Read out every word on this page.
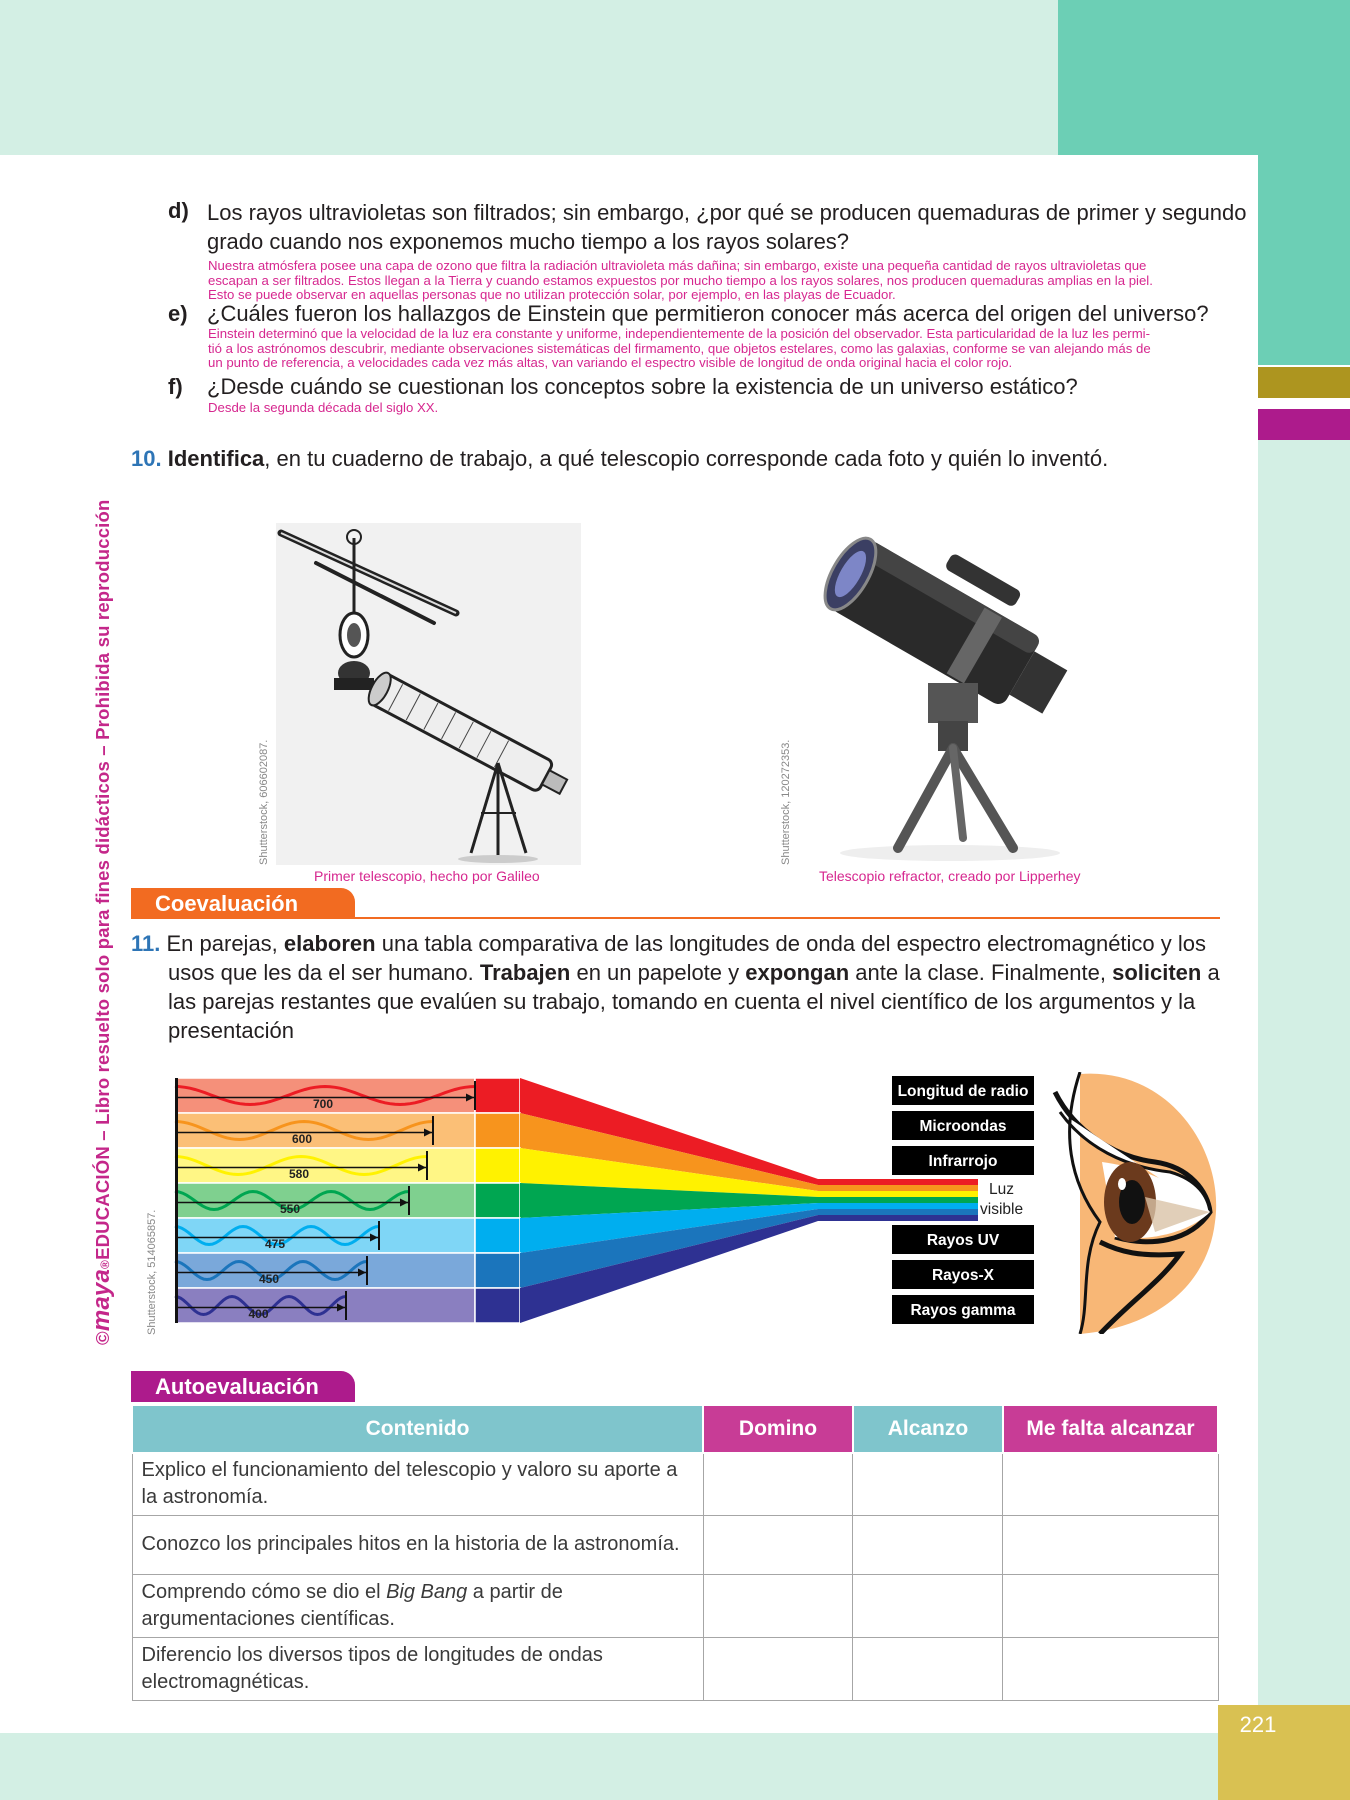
221
©maya®EDUCACIÓN – Libro resuelto solo para fines didácticos – Prohibida su reproducción
d) Los rayos ultravioletas son filtrados; sin embargo, ¿por qué se producen quemaduras de primer y segundo
grado cuando nos exponemos mucho tiempo a los rayos solares?
Nuestra atmósfera posee una capa de ozono que filtra la radiación ultravioleta más dañina; sin embargo, existe una pequeña cantidad de rayos ultravioletas que
escapan a ser filtrados. Estos llegan a la Tierra y cuando estamos expuestos por mucho tiempo a los rayos solares, nos producen quemaduras amplias en la piel.
Esto se puede observar en aquellas personas que no utilizan protección solar, por ejemplo, en las playas de Ecuador.
e) ¿Cuáles fueron los hallazgos de Einstein que permitieron conocer más acerca del origen del universo?
Einstein determinó que la velocidad de la luz era constante y uniforme, independientemente de la posición del observador. Esta particularidad de la luz les permi-
tió a los astrónomos descubrir, mediante observaciones sistemáticas del firmamento, que objetos estelares, como las galaxias, conforme se van alejando más de
un punto de referencia, a velocidades cada vez más altas, van variando el espectro visible de longitud de onda original hacia el color rojo.
f) ¿Desde cuándo se cuestionan los conceptos sobre la existencia de un universo estático?
Desde la segunda década del siglo XX.
10. Identifica, en tu cuaderno de trabajo, a qué telescopio corresponde cada foto y quién lo inventó.
Shutterstock, 606602087.
Primer telescopio, hecho por Galileo
Shutterstock, 120272353.
Telescopio refractor, creado por Lipperhey
Coevaluación
11. En parejas, elaboren una tabla comparativa de las longitudes de onda del espectro electromagnético y los
usos que les da el ser humano. Trabajen en un papelote y expongan ante la clase. Finalmente, soliciten a
las parejas restantes que evalúen su trabajo, tomando en cuenta el nivel científico de los argumentos y la
presentación
Shutterstock, 514065857.
700
600
580
550
475
450
400
Longitud de radio
Microondas
Infrarrojo
Luz
visible
Rayos UV
Rayos-X
Rayos gamma
Autoevaluación
Contenido	Domino	Alcanzo	Me falta alcanzar

Explico el funcionamiento del telescopio y valoro su aporte a
la astronomía.			

Conozco los principales hitos en la historia de la astronomía.			

Comprendo cómo se dio el Big Bang a partir de
argumentaciones científicas.			

Diferencio los diversos tipos de longitudes de ondas
electromagnéticas.			
